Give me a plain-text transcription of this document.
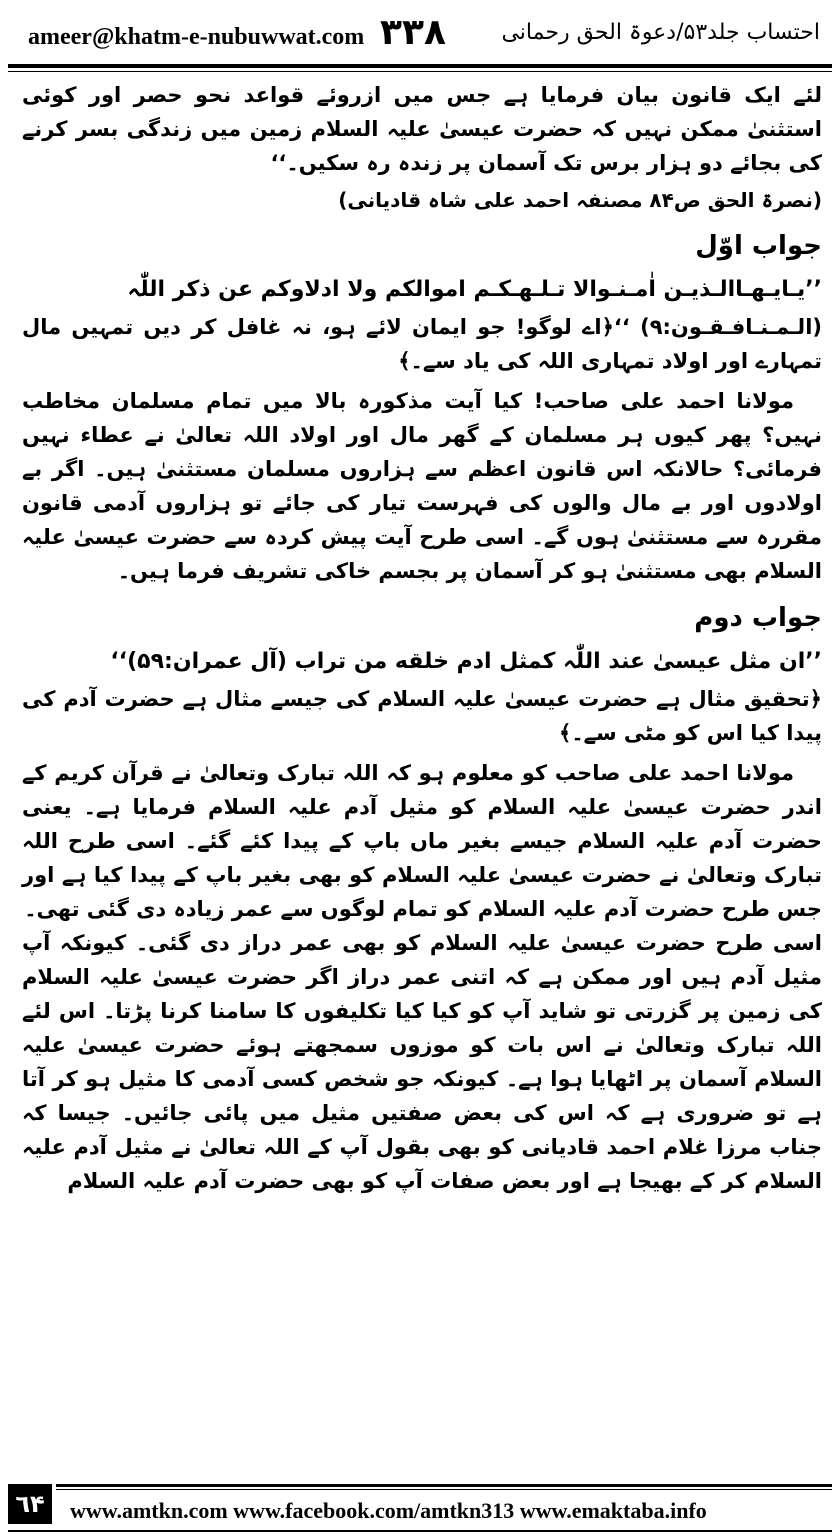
ameer@khatm-e-nubuwwat.com ٣٣٨	احتساب جلد۵۳/دعوۃ الحق رحمانی

لئے ایک قانون بیان فرمایا ہے جس میں ازروئے قواعد نحو حصر اور کوئی استثنیٰ ممکن نہیں کہ حضرت عیسیٰ علیہ السلام زمین میں زندگی بسر کرنے کی بجائے دو ہزار برس تک آسمان پر زندہ رہ سکیں۔‘‘

(نصرۃ الحق ص۸۴ مصنفہ احمد علی شاہ قادیانی)

جواب اوّل

’’یـایـھـاالـذیـن اٰمـنـوالا تـلـھـکـم اموالکم ولا ادلاوکم عن ذکر اللّٰہ

(الـمـنـافـقـون:۹) ‘‘﴿اے لوگو! جو ایمان لائے ہو، نہ غافل کر دیں تمہیں مال تمہارے اور اولاد تمہاری اللہ کی یاد سے۔﴾

مولانا احمد علی صاحب! کیا آیت مذکورہ بالا میں تمام مسلمان مخاطب نہیں؟ پھر کیوں ہر مسلمان کے گھر مال اور اولاد اللہ تعالیٰ نے عطاء نہیں فرمائی؟ حالانکہ اس قانون اعظم سے ہزاروں مسلمان مستثنیٰ ہیں۔ اگر بے اولادوں اور بے مال والوں کی فہرست تیار کی جائے تو ہزاروں آدمی قانون مقررہ سے مستثنیٰ ہوں گے۔ اسی طرح آیت پیش کردہ سے حضرت عیسیٰ علیہ السلام بھی مستثنیٰ ہو کر آسمان پر بجسم خاکی تشریف فرما ہیں۔

جواب دوم

’’ان مثل عیسیٰ عند اللّٰہ کمثل ادم خلقه من تراب (آل عمران:۵۹)‘‘

﴿تحقیق مثال ہے حضرت عیسیٰ علیہ السلام کی جیسے مثال ہے حضرت آدم کی پیدا کیا اس کو مٹی سے۔﴾

مولانا احمد علی صاحب کو معلوم ہو کہ اللہ تبارک وتعالیٰ نے قرآن کریم کے اندر حضرت عیسیٰ علیہ السلام کو مثیل آدم علیہ السلام فرمایا ہے۔ یعنی حضرت آدم علیہ السلام جیسے بغیر ماں باپ کے پیدا کئے گئے۔ اسی طرح اللہ تبارک وتعالیٰ نے حضرت عیسیٰ علیہ السلام کو بھی بغیر باپ کے پیدا کیا ہے اور جس طرح حضرت آدم علیہ السلام کو تمام لوگوں سے عمر زیادہ دی گئی تھی۔

اسی طرح حضرت عیسیٰ علیہ السلام کو بھی عمر دراز دی گئی۔ کیونکہ آپ مثیل آدم ہیں اور ممکن ہے کہ اتنی عمر دراز اگر حضرت عیسیٰ علیہ السلام کی زمین پر گزرتی تو شاید آپ کو کیا کیا تکلیفوں کا سامنا کرنا پڑتا۔ اس لئے اللہ تبارک وتعالیٰ نے اس بات کو موزوں سمجھتے ہوئے حضرت عیسیٰ علیہ السلام آسمان پر اٹھایا ہوا ہے۔ کیونکہ جو شخص کسی آدمی کا مثیل ہو کر آتا ہے تو ضروری ہے کہ اس کی بعض صفتیں مثیل میں پائی جائیں۔ جیسا کہ جناب مرزا غلام احمد قادیانی کو بھی بقول آپ کے اللہ تعالیٰ نے مثیل آدم علیہ السلام کر کے بھیجا ہے اور بعض صفات آپ کو بھی حضرت آدم علیہ السلام

٦۴	www.amtkn.com www.facebook.com/amtkn313 www.emaktaba.info
